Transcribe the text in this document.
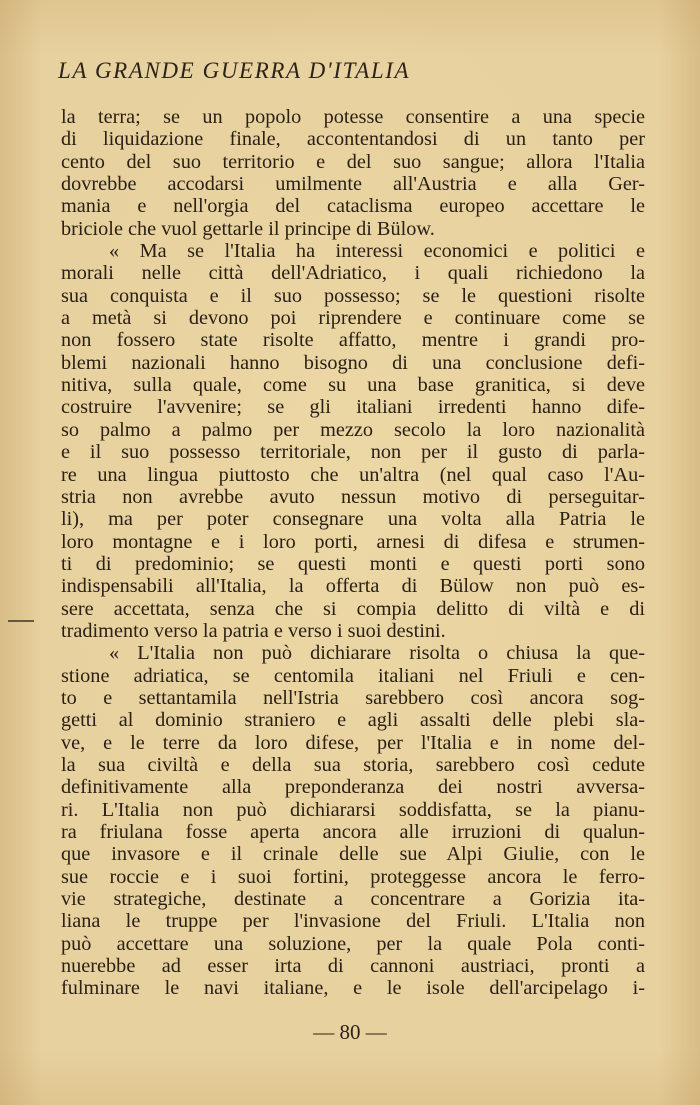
LA GRANDE GUERRA D'ITALIA
la terra; se un popolo potesse consentire a una specie
di liquidazione finale, accontentandosi di un tanto per
cento del suo territorio e del suo sangue; allora l'Italia
dovrebbe accodarsi umilmente all'Austria e alla Ger-
mania e nell'orgia del cataclisma europeo accettare le
briciole che vuol gettarle il principe di Bülow.
« Ma se l'Italia ha interessi economici e politici e
morali nelle città dell'Adriatico, i quali richiedono la
sua conquista e il suo possesso; se le questioni risolte
a metà si devono poi riprendere e continuare come se
non fossero state risolte affatto, mentre i grandi pro-
blemi nazionali hanno bisogno di una conclusione defi-
nitiva, sulla quale, come su una base granitica, si deve
costruire l'avvenire; se gli italiani irredenti hanno dife-
so palmo a palmo per mezzo secolo la loro nazionalità
e il suo possesso territoriale, non per il gusto di parla-
re una lingua piuttosto che un'altra (nel qual caso l'Au-
stria non avrebbe avuto nessun motivo di perseguitar-
li), ma per poter consegnare una volta alla Patria le
loro montagne e i loro porti, arnesi di difesa e strumen-
ti di predominio; se questi monti e questi porti sono
indispensabili all'Italia, la offerta di Bülow non può es-
sere accettata, senza che si compia delitto di viltà e di
tradimento verso la patria e verso i suoi destini.
« L'Italia non può dichiarare risolta o chiusa la que-
stione adriatica, se centomila italiani nel Friuli e cen-
to e settantamila nell'Istria sarebbero così ancora sog-
getti al dominio straniero e agli assalti delle plebi sla-
ve, e le terre da loro difese, per l'Italia e in nome del-
la sua civiltà e della sua storia, sarebbero così cedute
definitivamente alla preponderanza dei nostri avversa-
ri. L'Italia non può dichiararsi soddisfatta, se la pianu-
ra friulana fosse aperta ancora alle irruzioni di qualun-
que invasore e il crinale delle sue Alpi Giulie, con le
sue roccie e i suoi fortini, proteggesse ancora le ferro-
vie strategiche, destinate a concentrare a Gorizia ita-
liana le truppe per l'invasione del Friuli. L'Italia non
può accettare una soluzione, per la quale Pola conti-
nuerebbe ad esser irta di cannoni austriaci, pronti a
fulminare le navi italiane, e le isole dell'arcipelago i-
— 80 —
